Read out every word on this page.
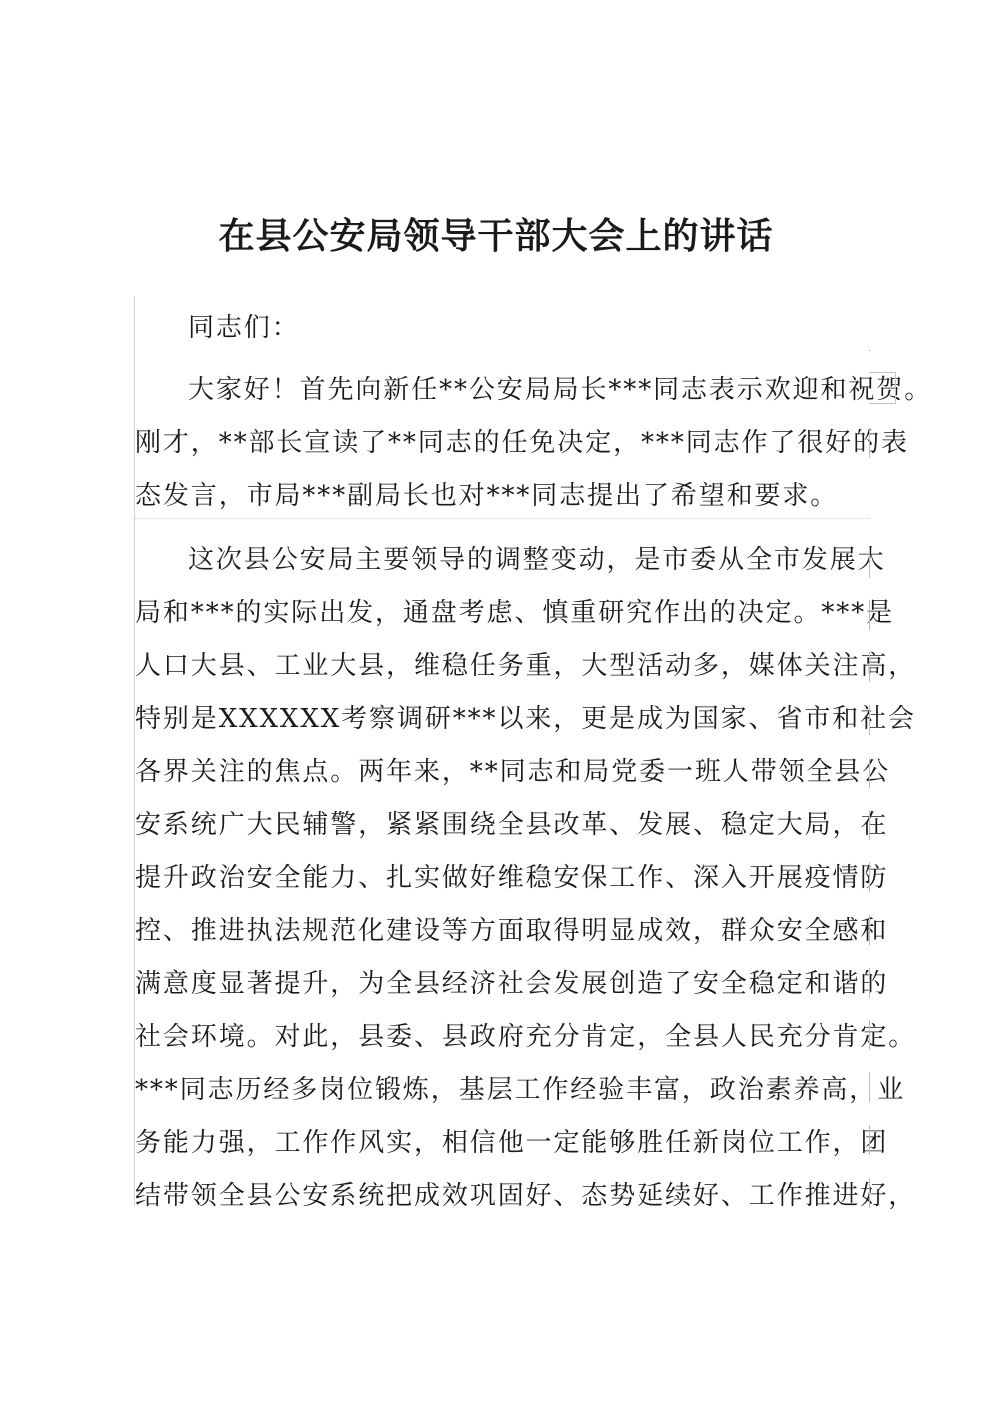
在县公安局领导干部大会上的讲话
同志们：
大家好！首先向新任**公安局局长***同志表示欢迎和祝贺。
刚才，**部长宣读了**同志的任免决定，***同志作了很好的表
态发言，市局***副局长也对***同志提出了希望和要求。
这次县公安局主要领导的调整变动，是市委从全市发展大
局和***的实际出发，通盘考虑、慎重研究作出的决定。***是
人口大县、工业大县，维稳任务重，大型活动多，媒体关注高，
特别是XXXXXX考察调研***以来，更是成为国家、省市和社会
各界关注的焦点。两年来，**同志和局党委一班人带领全县公
安系统广大民辅警，紧紧围绕全县改革、发展、稳定大局，在
提升政治安全能力、扎实做好维稳安保工作、深入开展疫情防
控、推进执法规范化建设等方面取得明显成效，群众安全感和
满意度显著提升，为全县经济社会发展创造了安全稳定和谐的
社会环境。对此，县委、县政府充分肯定，全县人民充分肯定。
***同志历经多岗位锻炼，基层工作经验丰富，政治素养高，业
务能力强，工作作风实，相信他一定能够胜任新岗位工作，团
结带领全县公安系统把成效巩固好、态势延续好、工作推进好，
